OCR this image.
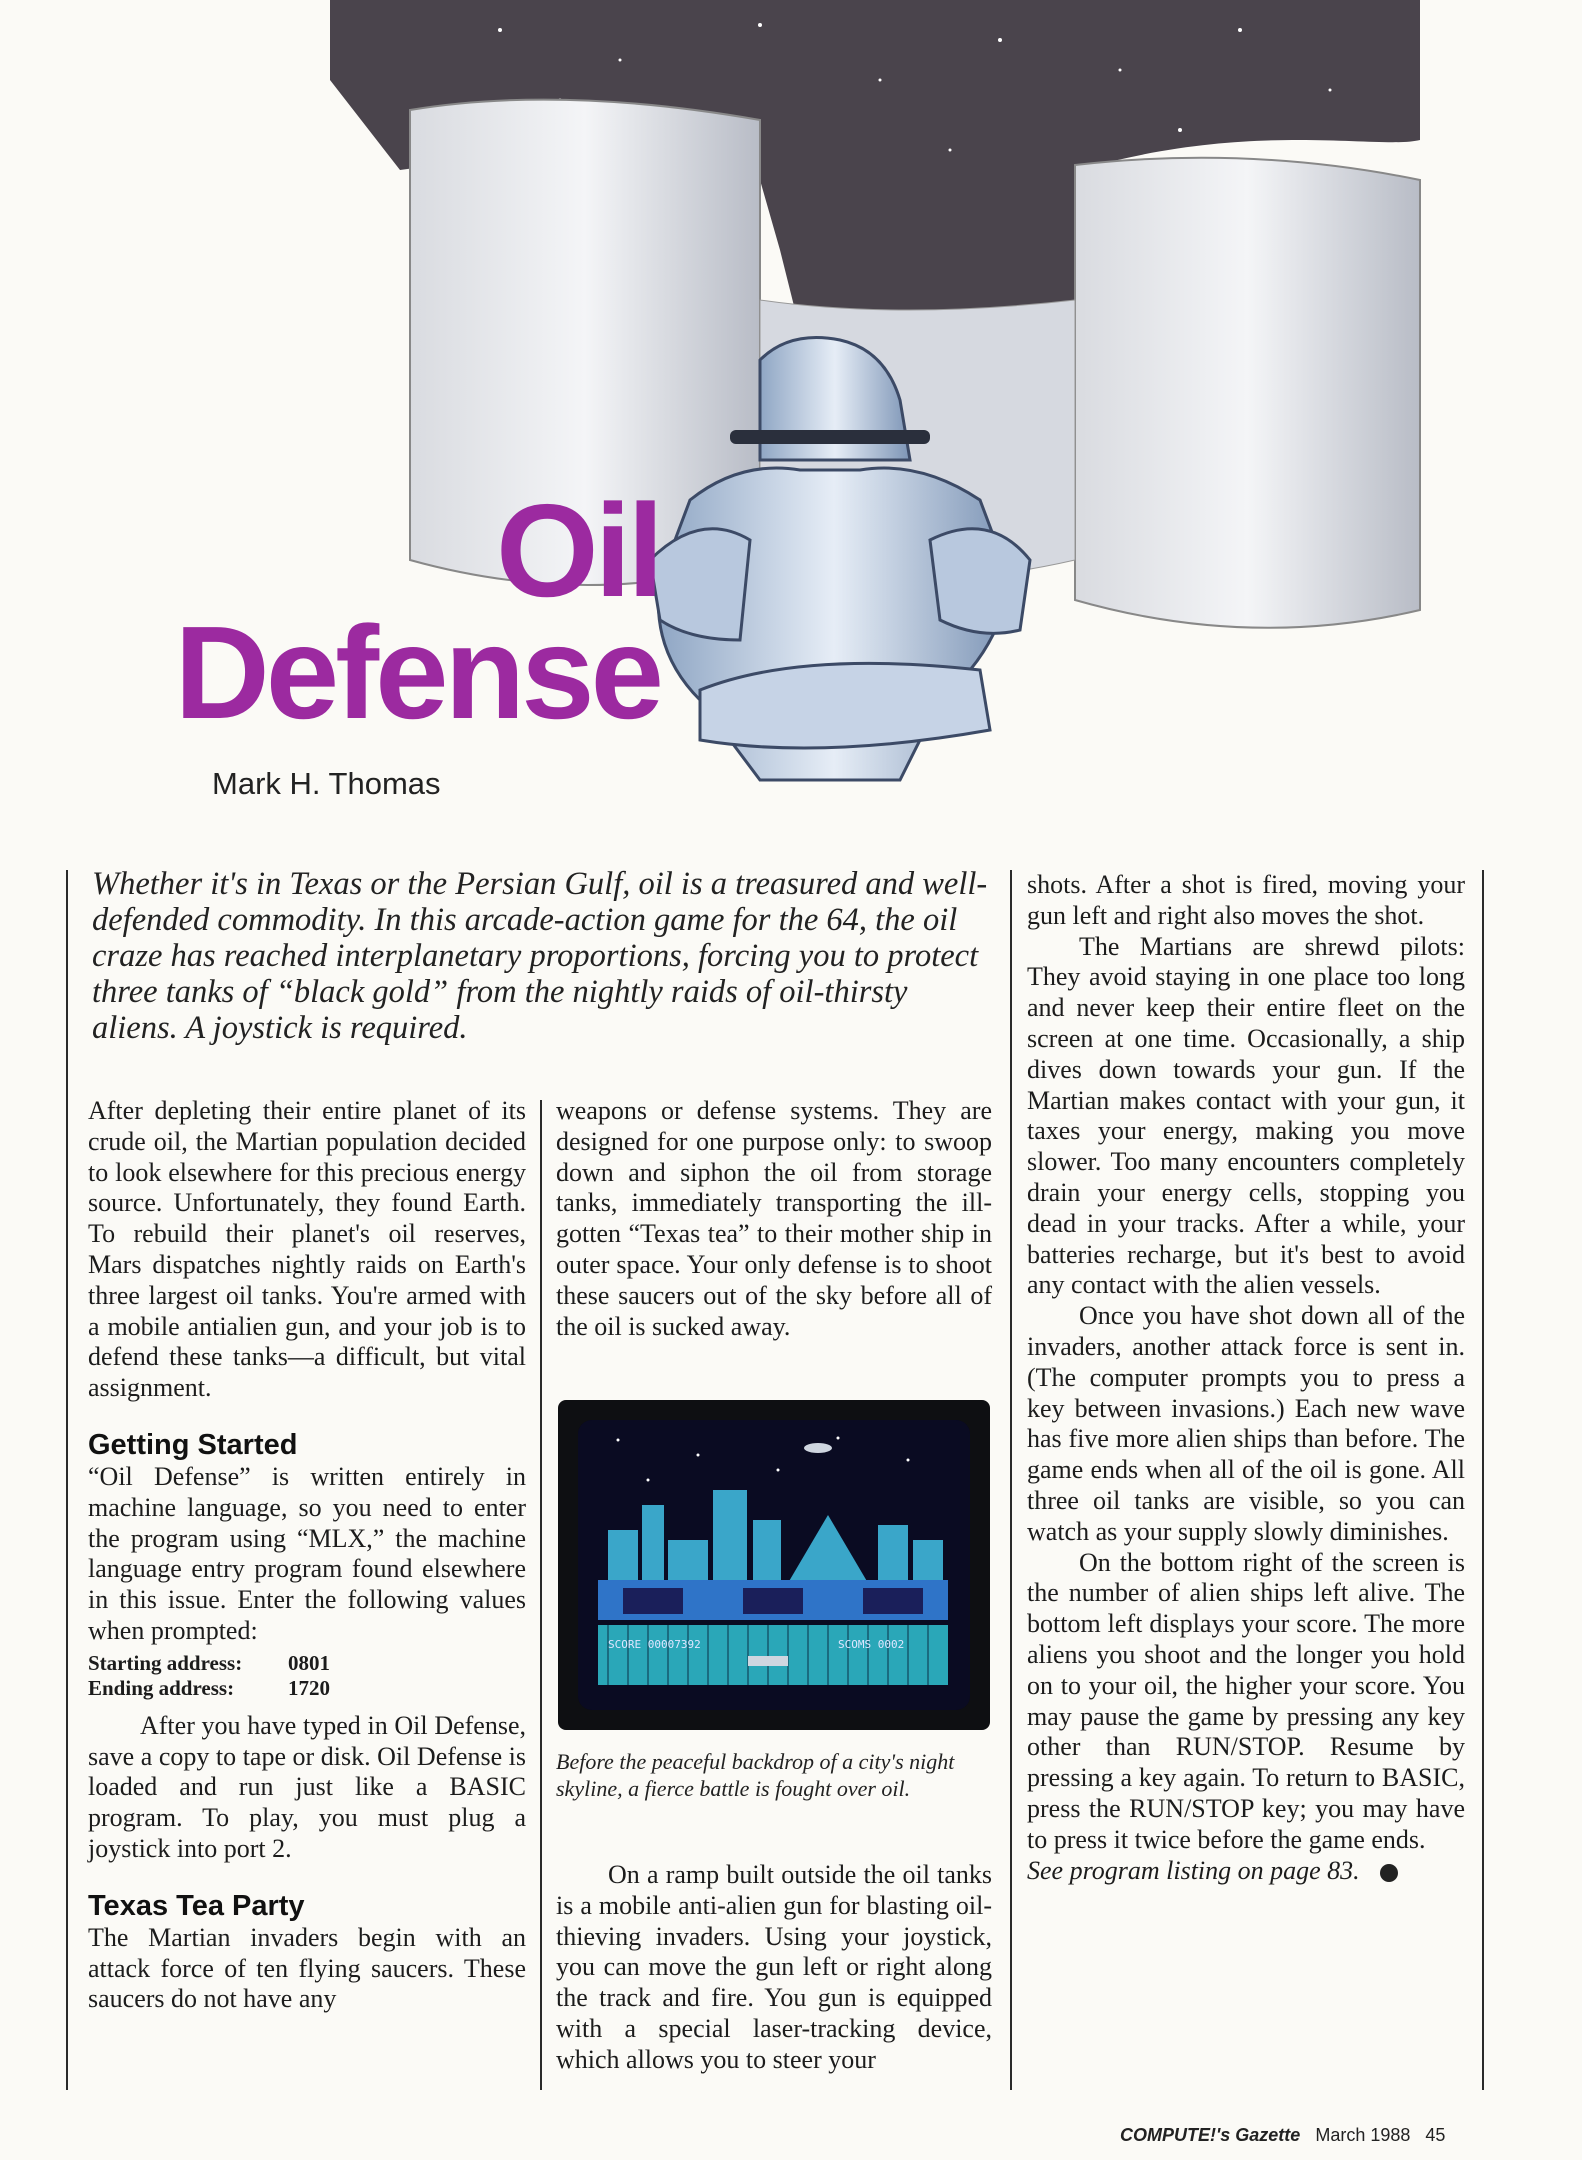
Oil
Defense
Mark H. Thomas
Whether it's in Texas or the Persian Gulf, oil is a treasured and well-defended commodity. In this arcade-action game for the 64, the oil craze has reached interplanetary proportions, forcing you to protect three tanks of “black gold” from the nightly raids of oil-thirsty aliens. A joystick is required.

After depleting their entire planet of its crude oil, the Martian population decided to look elsewhere for this precious energy source. Unfortunately, they found Earth. To rebuild their planet's oil reserves, Mars dispatches nightly raids on Earth's three largest oil tanks. You're armed with a mobile antialien gun, and your job is to defend these tanks—a difficult, but vital assignment.

Getting Started

“Oil Defense” is written entirely in machine language, so you need to enter the program using “MLX,” the machine language entry program found elsewhere in this issue. Enter the following values when prompted:

Starting address:	0801
Ending address:	1720

After you have typed in Oil Defense, save a copy to tape or disk. Oil Defense is loaded and run just like a BASIC program. To play, you must plug a joystick into port 2.

Texas Tea Party

The Martian invaders begin with an attack force of ten flying saucers. These saucers do not have any

weapons or defense systems. They are designed for one purpose only: to swoop down and siphon the oil from storage tanks, immediately transporting the ill-gotten “Texas tea” to their mother ship in outer space. Your only defense is to shoot these saucers out of the sky before all of the oil is sucked away.

SCORE 00007392	SCOMS 0002
Before the peaceful backdrop of a city's night skyline, a fierce battle is fought over oil.

On a ramp built outside the oil tanks is a mobile anti-alien gun for blasting oil-thieving invaders. Using your joystick, you can move the gun left or right along the track and fire. You gun is equipped with a special laser-tracking device, which allows you to steer your

shots. After a shot is fired, moving your gun left and right also moves the shot.

The Martians are shrewd pilots: They avoid staying in one place too long and never keep their entire fleet on the screen at one time. Occasionally, a ship dives down towards your gun. If the Martian makes contact with your gun, it taxes your energy, making you move slower. Too many encounters completely drain your energy cells, stopping you dead in your tracks. After a while, your batteries recharge, but it's best to avoid any contact with the alien vessels.

Once you have shot down all of the invaders, another attack force is sent in. (The computer prompts you to press a key between invasions.) Each new wave has five more alien ships than before. The game ends when all of the oil is gone. All three oil tanks are visible, so you can watch as your supply slowly diminishes.

On the bottom right of the screen is the number of alien ships left alive. The bottom left displays your score. The more aliens you shoot and the longer you hold on to your oil, the higher your score. You may pause the game by pressing any key other than RUN/STOP. Resume by pressing a key again. To return to BASIC, press the RUN/STOP key; you may have to press it twice before the game ends.

See program listing on page 83.

COMPUTE!'s Gazette March 1988 45
